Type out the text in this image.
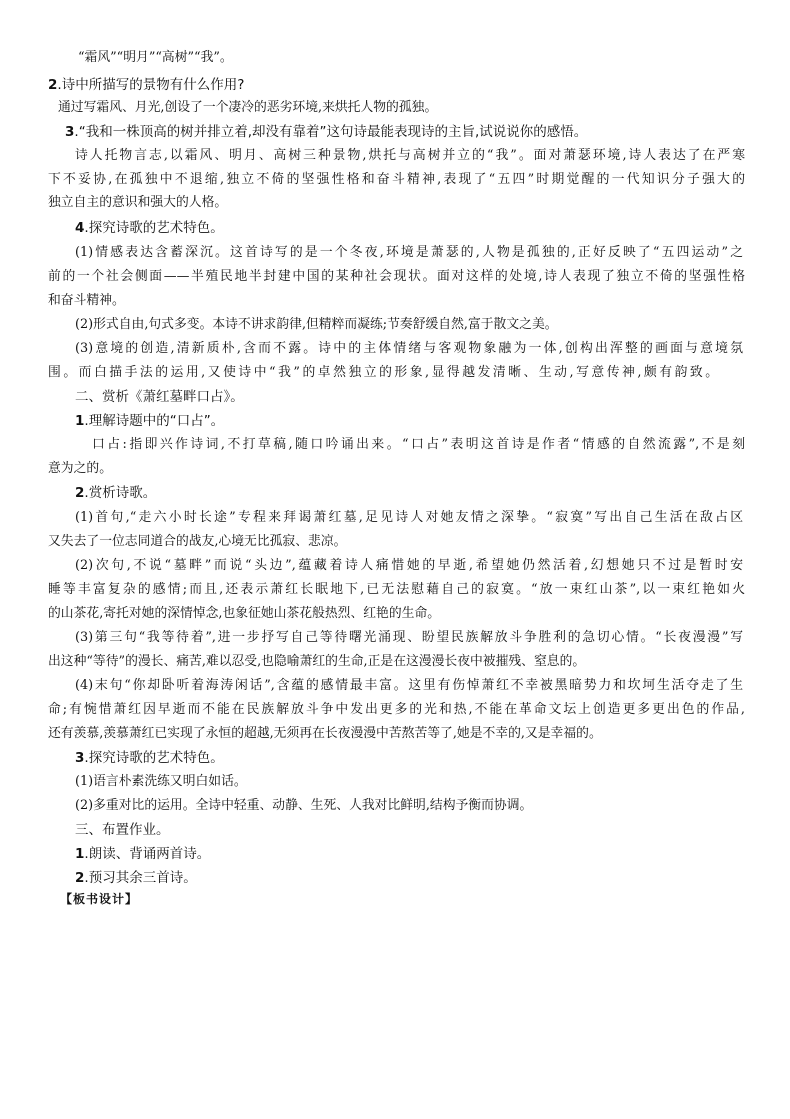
“霜风”“明月”“高树”“我”。
2.诗中所描写的景物有什么作用?
通过写霜风、月光,创设了一个凄冷的恶劣环境,来烘托人物的孤独。
3.“我和一株顶高的树并排立着,却没有靠着”这句诗最能表现诗的主旨,试说说你的感悟。
诗人托物言志,以霜风、明月、高树三种景物,烘托与高树并立的“我”。面对萧瑟环境,诗人表达了在严寒
下不妥协,在孤独中不退缩,独立不倚的坚强性格和奋斗精神,表现了“五四”时期觉醒的一代知识分子强大的
独立自主的意识和强大的人格。
4.探究诗歌的艺术特色。
(1)情感表达含蓄深沉。这首诗写的是一个冬夜,环境是萧瑟的,人物是孤独的,正好反映了“五四运动”之
前的一个社会侧面——半殖民地半封建中国的某种社会现状。面对这样的处境,诗人表现了独立不倚的坚强性格
和奋斗精神。
(2)形式自由,句式多变。本诗不讲求韵律,但精粹而凝练;节奏舒缓自然,富于散文之美。
(3)意境的创造,清新质朴,含而不露。诗中的主体情绪与客观物象融为一体,创构出浑整的画面与意境氛
围。而白描手法的运用,又使诗中“我”的卓然独立的形象,显得越发清晰、生动,写意传神,颇有韵致。
二、赏析《萧红墓畔口占》。
1.理解诗题中的“口占”。
口占:指即兴作诗词,不打草稿,随口吟诵出来。“口占”表明这首诗是作者“情感的自然流露”,不是刻
意为之的。
2.赏析诗歌。
(1)首句,“走六小时长途”专程来拜谒萧红墓,足见诗人对她友情之深挚。“寂寞”写出自己生活在敌占区
又失去了一位志同道合的战友,心境无比孤寂、悲凉。
(2)次句,不说“墓畔”而说“头边”,蕴藏着诗人痛惜她的早逝,希望她仍然活着,幻想她只不过是暂时安
睡等丰富复杂的感情;而且,还表示萧红长眠地下,已无法慰藉自己的寂寞。“放一束红山茶”,以一束红艳如火
的山茶花,寄托对她的深情悼念,也象征她山茶花般热烈、红艳的生命。
(3)第三句“我等待着”,进一步抒写自己等待曙光涌现、盼望民族解放斗争胜利的急切心情。“长夜漫漫”写
出这种“等待”的漫长、痛苦,难以忍受,也隐喻萧红的生命,正是在这漫漫长夜中被摧残、窒息的。
(4)末句“你却卧听着海涛闲话”,含蕴的感情最丰富。这里有伤悼萧红不幸被黑暗势力和坎坷生活夺走了生
命;有惋惜萧红因早逝而不能在民族解放斗争中发出更多的光和热,不能在革命文坛上创造更多更出色的作品,
还有羡慕,羡慕萧红已实现了永恒的超越,无须再在长夜漫漫中苦熬苦等了,她是不幸的,又是幸福的。
3.探究诗歌的艺术特色。
(1)语言朴素洗练又明白如话。
(2)多重对比的运用。全诗中轻重、动静、生死、人我对比鲜明,结构予衡而协调。
三、布置作业。
1.朗读、背诵两首诗。
2.预习其余三首诗。
【板书设计】
